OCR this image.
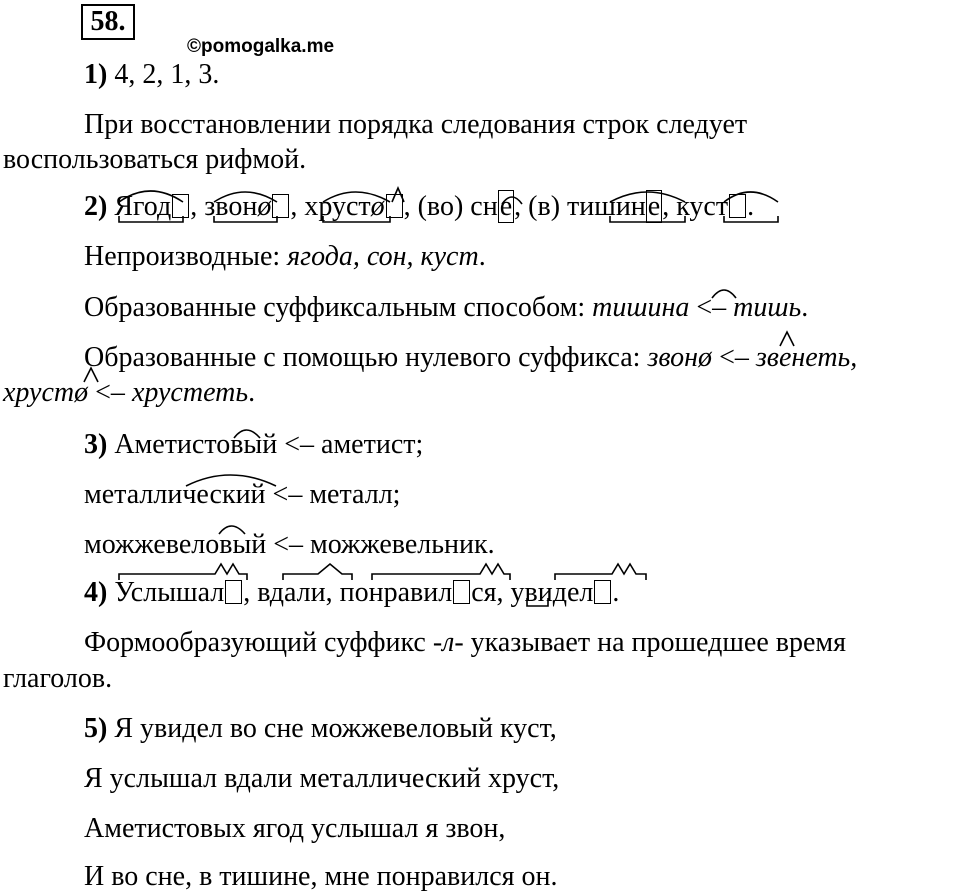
58.
©pomogalka.me
1) 4, 2, 1, 3.
При восстановлении порядка следования строк следует
воспользоваться рифмой.
2) Ягод , звонø , хрустø , (во) сне, (в) тишине, куст .
Непроизводные: ягода, сон, куст.
Образованные суффиксальным способом: тишина <– тишь.
Образованные с помощью нулевого суффикса: звонø <– звенеть,
хрустø <– хрустеть.
3) Аметистовый <– аметист;
металлический <– металл;
можжевеловый <– можжевельник.
4) Услышал , вдали, понравил ся, увидел .
Формообразующий суффикс -л- указывает на прошедшее время
глаголов.
5) Я увидел во сне можжевеловый куст,
Я услышал вдали металлический хруст,
Аметистовых ягод услышал я звон,
И во сне, в тишине, мне понравился он.
